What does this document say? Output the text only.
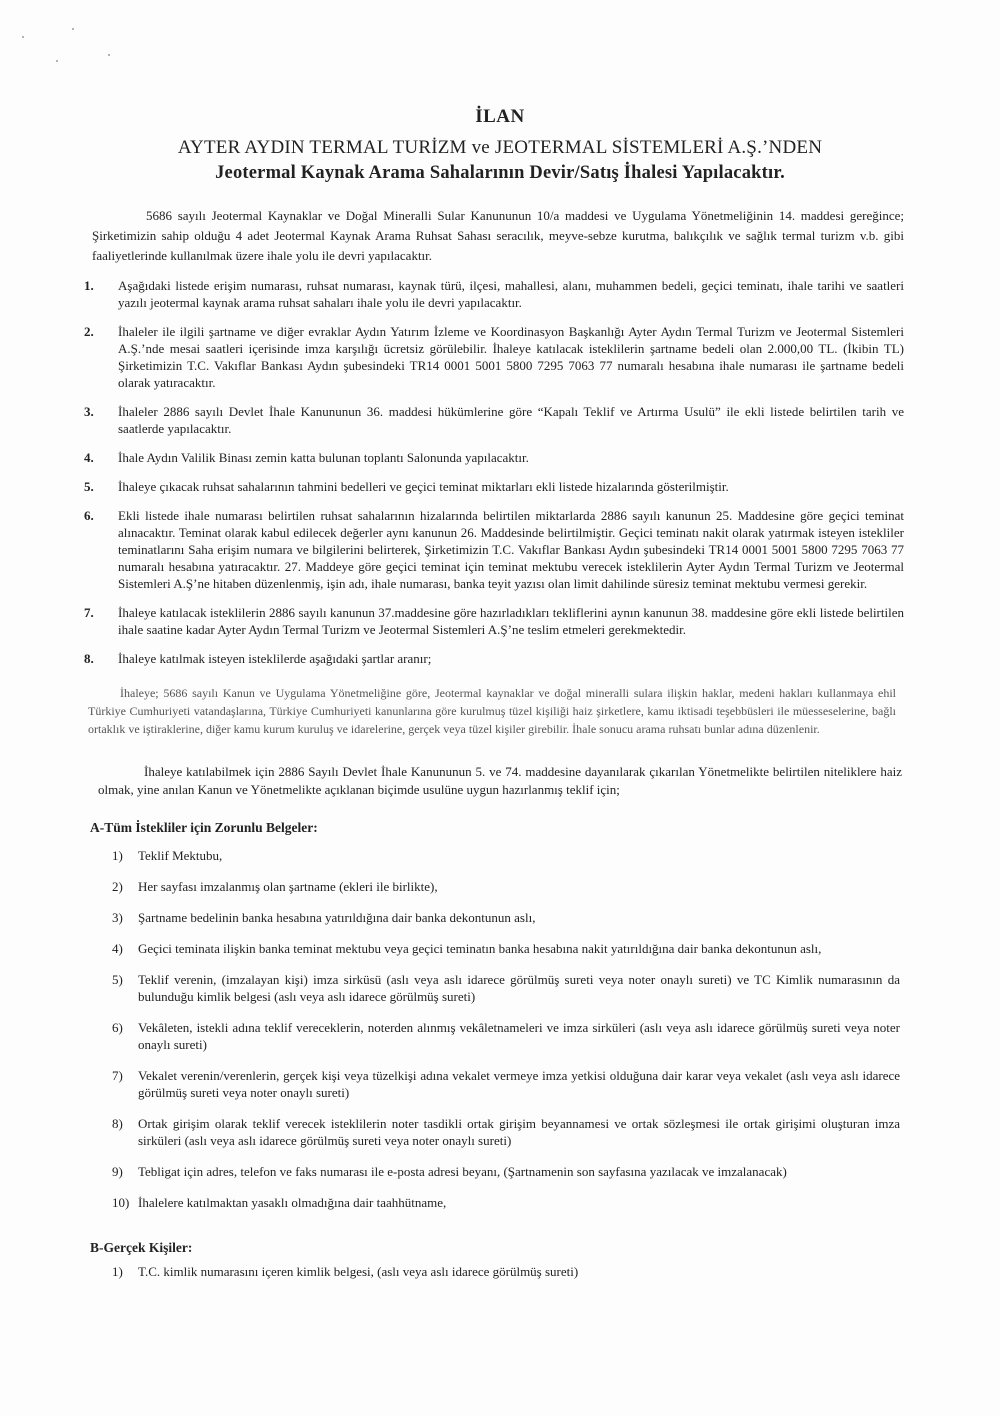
İLAN
AYTER AYDIN TERMAL TURİZM ve JEOTERMAL SİSTEMLERİ A.Ş.’NDEN
Jeotermal Kaynak Arama Sahalarının Devir/Satış İhalesi Yapılacaktır.
5686 sayılı Jeotermal Kaynaklar ve Doğal Mineralli Sular Kanununun 10/a maddesi ve Uygulama Yönetmeliğinin 14. maddesi gereğince; Şirketimizin sahip olduğu 4 adet Jeotermal Kaynak Arama Ruhsat Sahası seracılık, meyve-sebze kurutma, balıkçılık ve sağlık termal turizm v.b. gibi faaliyetlerinde kullanılmak üzere ihale yolu ile devri yapılacaktır.
1. Aşağıdaki listede erişim numarası, ruhsat numarası, kaynak türü, ilçesi, mahallesi, alanı, muhammen bedeli, geçici teminatı, ihale tarihi ve saatleri yazılı jeotermal kaynak arama ruhsat sahaları ihale yolu ile devri yapılacaktır.
2. İhaleler ile ilgili şartname ve diğer evraklar Aydın Yatırım İzleme ve Koordinasyon Başkanlığı Ayter Aydın Termal Turizm ve Jeotermal Sistemleri A.Ş.’nde mesai saatleri içerisinde imza karşılığı ücretsiz görülebilir. İhaleye katılacak isteklilerin şartname bedeli olan 2.000,00 TL. (İkibin TL) Şirketimizin T.C. Vakıflar Bankası Aydın şubesindeki TR14 0001 5001 5800 7295 7063 77 numaralı hesabına ihale numarası ile şartname bedeli olarak yatıracaktır.
3. İhaleler 2886 sayılı Devlet İhale Kanununun 36. maddesi hükümlerine göre “Kapalı Teklif ve Artırma Usulü” ile ekli listede belirtilen tarih ve saatlerde yapılacaktır.
4. İhale Aydın Valilik Binası zemin katta bulunan toplantı Salonunda yapılacaktır.
5. İhaleye çıkacak ruhsat sahalarının tahmini bedelleri ve geçici teminat miktarları ekli listede hizalarında gösterilmiştir.
6. Ekli listede ihale numarası belirtilen ruhsat sahalarının hizalarında belirtilen miktarlarda 2886 sayılı kanunun 25. Maddesine göre geçici teminat alınacaktır. Teminat olarak kabul edilecek değerler aynı kanunun 26. Maddesinde belirtilmiştir. Geçici teminatı nakit olarak yatırmak isteyen istekliler teminatlarını Saha erişim numara ve bilgilerini belirterek, Şirketimizin T.C. Vakıflar Bankası Aydın şubesindeki TR14 0001 5001 5800 7295 7063 77 numaralı hesabına yatıracaktır. 27. Maddeye göre geçici teminat için teminat mektubu verecek isteklilerin Ayter Aydın Termal Turizm ve Jeotermal Sistemleri A.Ş’ne hitaben düzenlenmiş, işin adı, ihale numarası, banka teyit yazısı olan limit dahilinde süresiz teminat mektubu vermesi gerekir.
7. İhaleye katılacak isteklilerin 2886 sayılı kanunun 37.maddesine göre hazırladıkları tekliflerini aynın kanunun 38. maddesine göre ekli listede belirtilen ihale saatine kadar Ayter Aydın Termal Turizm ve Jeotermal Sistemleri A.Ş’ne teslim etmeleri gerekmektedir.
8. İhaleye katılmak isteyen isteklilerde aşağıdaki şartlar aranır;
İhaleye; 5686 sayılı Kanun ve Uygulama Yönetmeliğine göre, Jeotermal kaynaklar ve doğal mineralli sulara ilişkin haklar, medeni hakları kullanmaya ehil Türkiye Cumhuriyeti vatandaşlarına, Türkiye Cumhuriyeti kanunlarına göre kurulmuş tüzel kişiliği haiz şirketlere, kamu iktisadi teşebbüsleri ile müesseselerine, bağlı ortaklık ve iştiraklerine, diğer kamu kurum kuruluş ve idarelerine, gerçek veya tüzel kişiler girebilir. İhale sonucu arama ruhsatı bunlar adına düzenlenir.
İhaleye katılabilmek için 2886 Sayılı Devlet İhale Kanununun 5. ve 74. maddesine dayanılarak çıkarılan Yönetmelikte belirtilen niteliklere haiz olmak, yine anılan Kanun ve Yönetmelikte açıklanan biçimde usulüne uygun hazırlanmış teklif için;
A-Tüm İstekliler için Zorunlu Belgeler:
1) Teklif Mektubu,
2) Her sayfası imzalanmış olan şartname (ekleri ile birlikte),
3) Şartname bedelinin banka hesabına yatırıldığına dair banka dekontunun aslı,
4) Geçici teminata ilişkin banka teminat mektubu veya geçici teminatın banka hesabına nakit yatırıldığına dair banka dekontunun aslı,
5) Teklif verenin, (imzalayan kişi) imza sirküsü (aslı veya aslı idarece görülmüş sureti veya noter onaylı sureti) ve TC Kimlik numarasının da bulunduğu kimlik belgesi (aslı veya aslı idarece görülmüş sureti)
6) Vekâleten, istekli adına teklif vereceklerin, noterden alınmış vekâletnameleri ve imza sirküleri (aslı veya aslı idarece görülmüş sureti veya noter onaylı sureti)
7) Vekalet verenin/verenlerin, gerçek kişi veya tüzelkişi adına vekalet vermeye imza yetkisi olduğuna dair karar veya vekalet (aslı veya aslı idarece görülmüş sureti veya noter onaylı sureti)
8) Ortak girişim olarak teklif verecek isteklilerin noter tasdikli ortak girişim beyannamesi ve ortak sözleşmesi ile ortak girişimi oluşturan imza sirküleri (aslı veya aslı idarece görülmüş sureti veya noter onaylı sureti)
9) Tebligat için adres, telefon ve faks numarası ile e-posta adresi beyanı, (Şartnamenin son sayfasına yazılacak ve imzalanacak)
10) İhalelere katılmaktan yasaklı olmadığına dair taahhütname,
B-Gerçek Kişiler:
1) T.C. kimlik numarasını içeren kimlik belgesi, (aslı veya aslı idarece görülmüş sureti)
